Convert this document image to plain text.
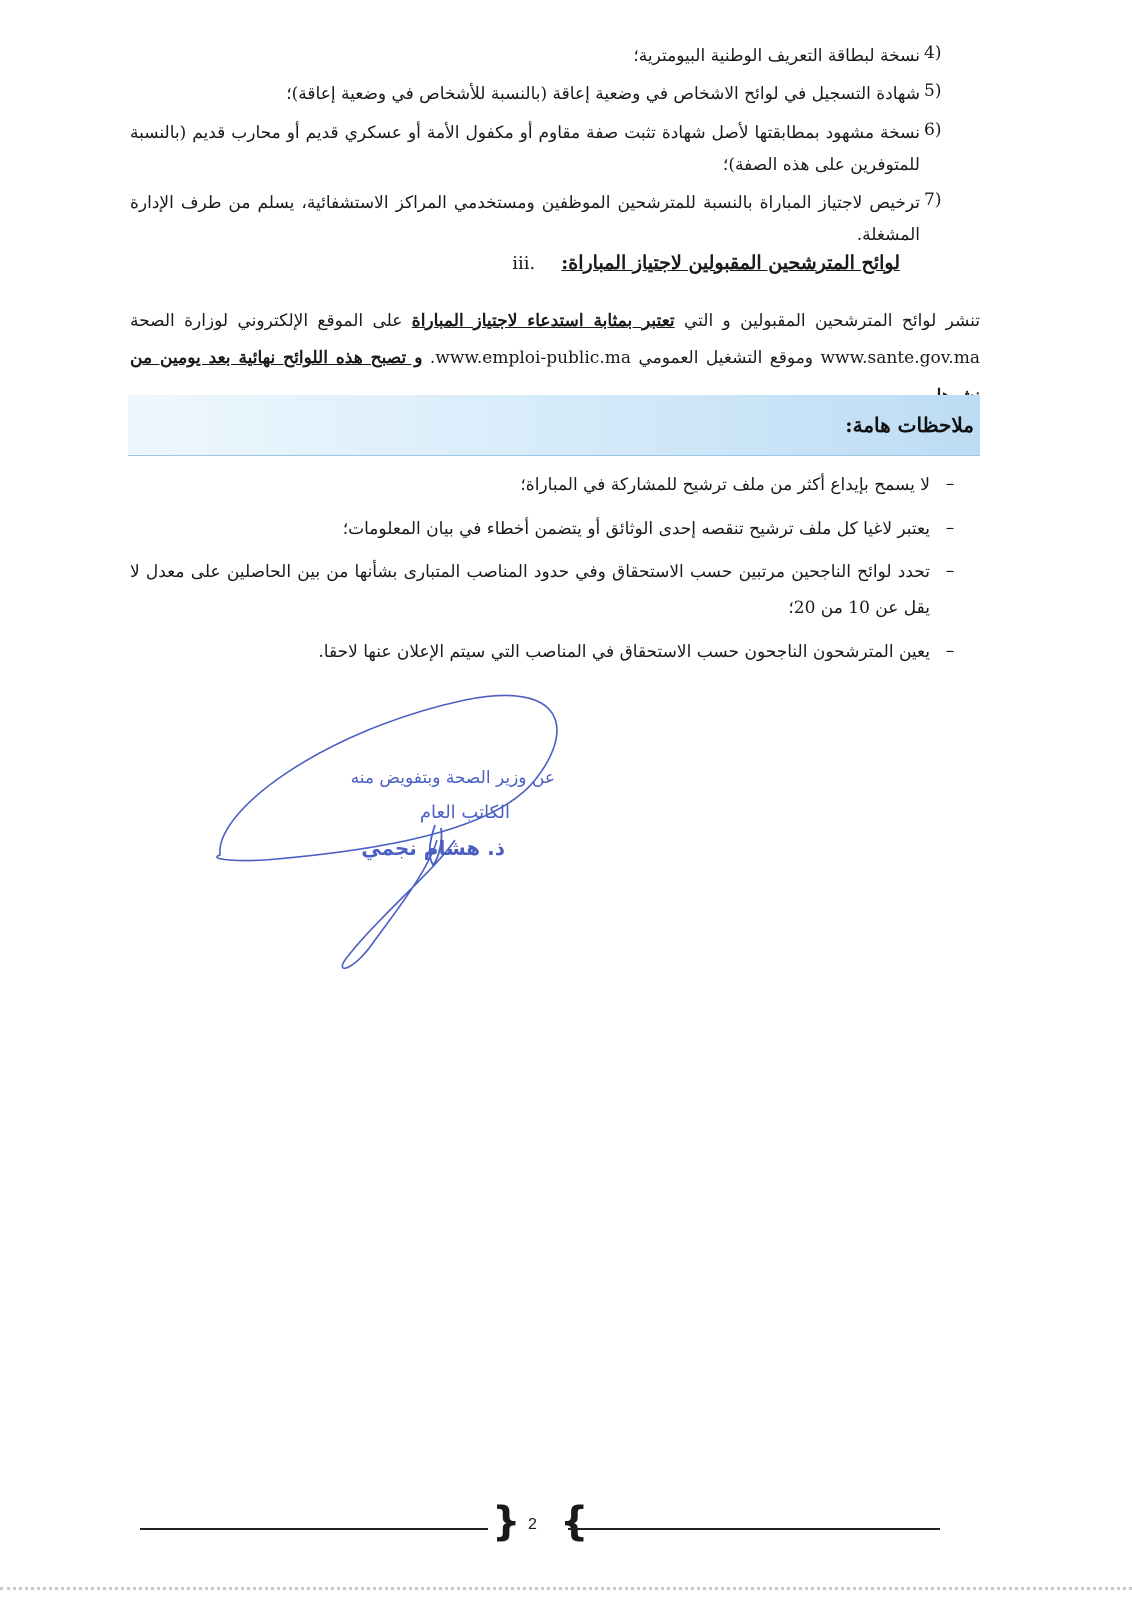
4)
نسخة لبطاقة التعريف الوطنية البيومترية؛
5)
شهادة التسجيل في لوائح الاشخاص في وضعية إعاقة (بالنسبة للأشخاص في وضعية إعاقة)؛
6)
نسخة مشهود بمطابقتها لأصل شهادة تثبت صفة مقاوم أو مكفول الأمة أو عسكري قديم أو محارب قديم (بالنسبة للمتوفرين على هذه الصفة)؛
7)
ترخيص لاجتياز المباراة بالنسبة للمترشحين الموظفين ومستخدمي المراكز الاستشفائية، يسلم من طرف الإدارة المشغلة.
لوائح المترشحين المقبولين لاجتياز المباراة:
iii.
تنشر لوائح المترشحين المقبولين و التي تعتبر بمثابة استدعاء لاجتياز المباراة على الموقع الإلكتروني لوزارة الصحة www.sante.gov.ma وموقع التشغيل العمومي www.emploi-public.ma. و تصبح هذه اللوائح نهائية بعد يومين من
ملاحظات هامة:
–
لا يسمح بإيداع أكثر من ملف ترشيح للمشاركة في المباراة؛
–
يعتبر لاغيا كل ملف ترشيح تنقصه إحدى الوثائق أو يتضمن أخطاء في بيان المعلومات؛
–
تحدد لوائح الناجحين مرتبين حسب الاستحقاق وفي حدود المناصب المتبارى بشأنها من بين الحاصلين على معدل لا يقل عن 10 من 20؛
–
يعين المترشحون الناجحون حسب الاستحقاق في المناصب التي سيتم الإعلان عنها لاحقا.
عن وزير الصحة وبتفويض منه
الكاتب العام
ذ. هشام نجمي
{ 2 }
